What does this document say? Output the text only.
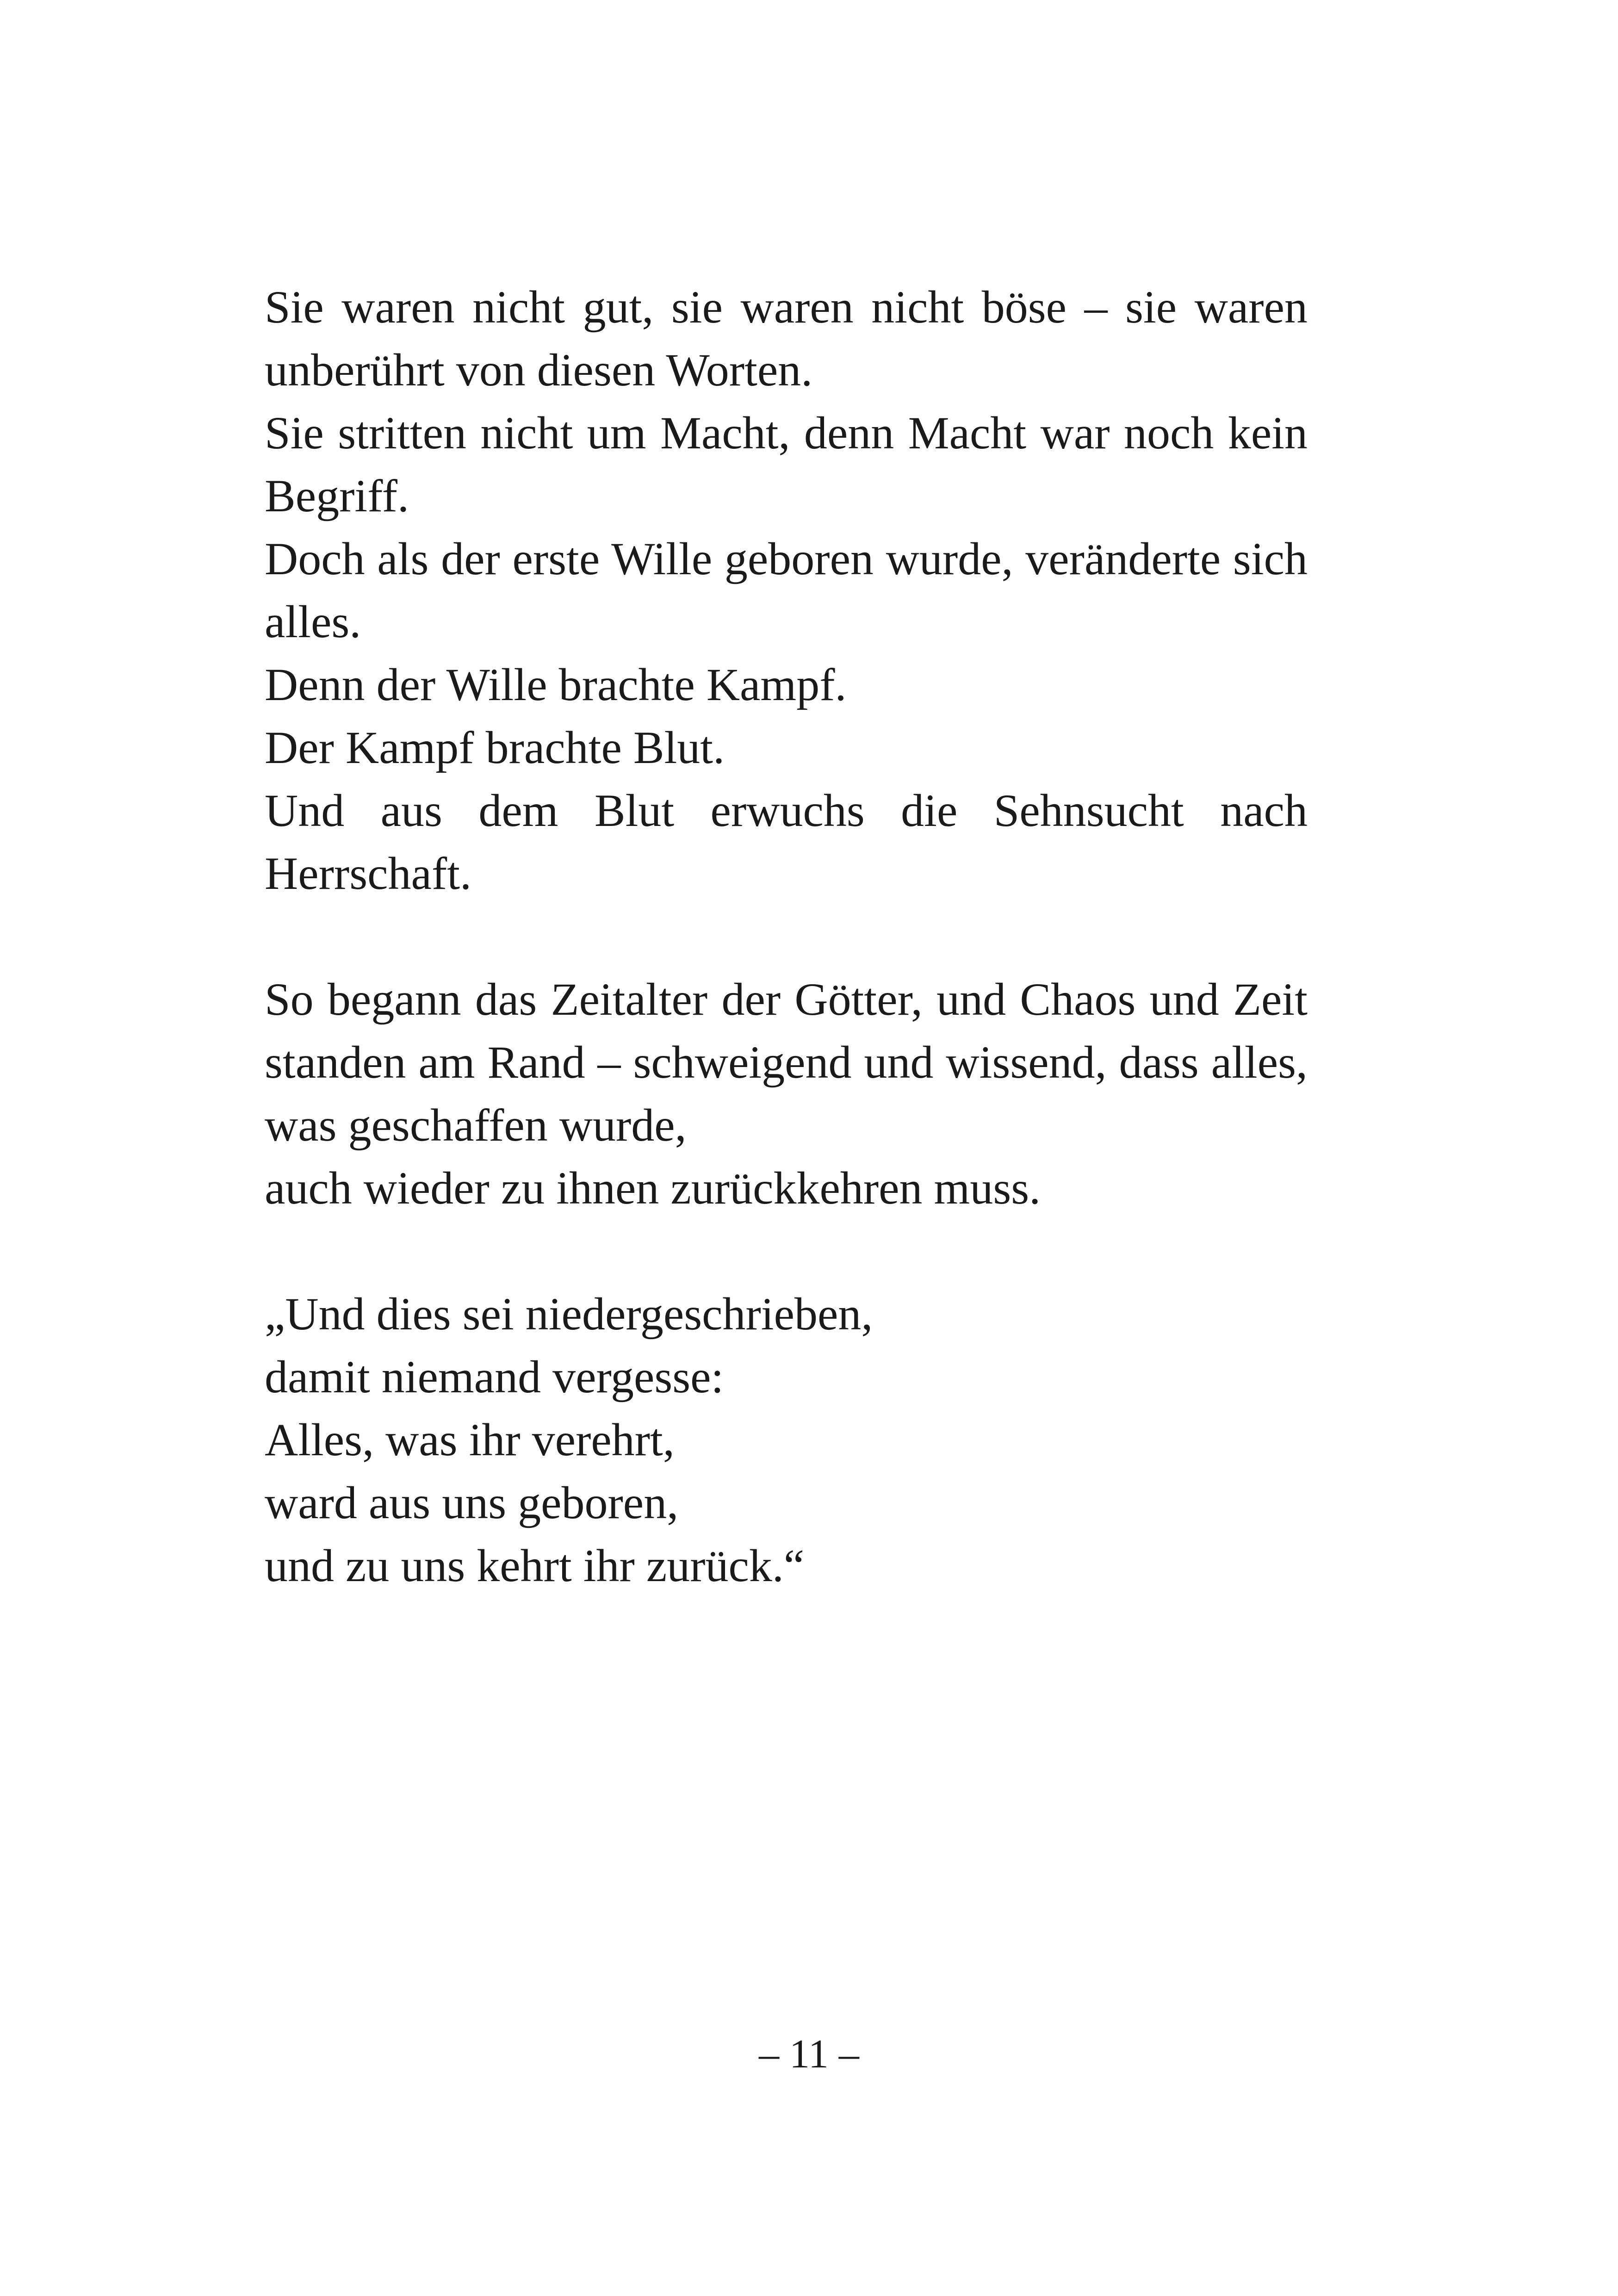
Sie waren nicht gut, sie waren nicht böse – sie waren
unberührt von diesen Worten.
Sie stritten nicht um Macht, denn Macht war noch kein
Begriff.
Doch als der erste Wille geboren wurde, veränderte sich
alles.
Denn der Wille brachte Kampf.
Der Kampf brachte Blut.
Und aus dem Blut erwuchs die Sehnsucht nach
Herrschaft.
So begann das Zeitalter der Götter, und Chaos und Zeit
standen am Rand – schweigend und wissend, dass alles,
was geschaffen wurde,
auch wieder zu ihnen zurückkehren muss.
„Und dies sei niedergeschrieben,
damit niemand vergesse:
Alles, was ihr verehrt,
ward aus uns geboren,
und zu uns kehrt ihr zurück.“
– 11 –
